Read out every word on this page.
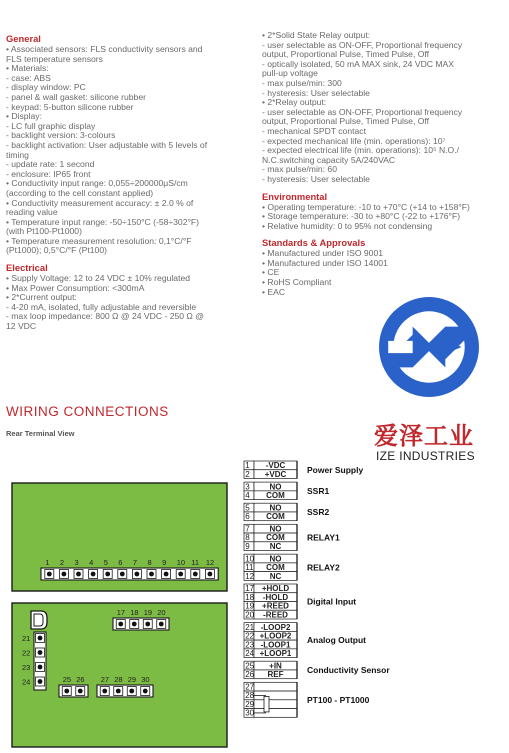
General
• Associated sensors: FLS conductivity sensors and
FLS temperature sensors
• Materials:
- case: ABS
- display window: PC
- panel & wall gasket: silicone rubber
- keypad: 5-button silicone rubber
• Display:
- LC full graphic display
- backlight version: 3-colours
- backlight activation: User adjustable with 5 levels of
timing
- update rate: 1 second
- enclosure: IP65 front
• Conductivity input range: 0,055÷200000μS/cm
(according to the cell constant applied)
• Conductivity measurement accuracy: ± 2.0 % of
reading value
• Temperature input range: -50÷150°C (-58÷302°F)
(with Pt100-Pt1000)
• Temperature measurement resolution: 0,1°C/°F
(Pt1000); 0,5°C/°F (Pt100)
Electrical
• Supply Voltage: 12 to 24 VDC ± 10% regulated
• Max Power Consumption: <300mA
• 2*Current output:
- 4-20 mA, isolated, fully adjustable and reversible
- max loop impedance: 800 Ω @ 24 VDC - 250 Ω @
12 VDC
• 2*Solid State Relay output:
- user selectable as ON-OFF, Proportional frequency
output, Proportional Pulse, Timed Pulse, Off
- optically isolated, 50 mA MAX sink, 24 VDC MAX
pull-up voltage
- max pulse/min: 300
- hysteresis: User selectable
• 2*Relay output:
- user selectable as ON-OFF, Proportional frequency
output, Proportional Pulse, Timed Pulse, Off
- mechanical SPDT contact
- expected mechanical life (min. operations): 10⁷
- expected electrical life (min. operations): 10⁵ N.O./
N.C.switching capacity 5A/240VAC
- max pulse/min: 60
- hysteresis: User selectable
Environmental
• Operating temperature: -10 to +70°C (+14 to +158°F)
• Storage temperature: -30 to +80°C (-22 to +176°F)
• Relative humidity: 0 to 95% not condensing
Standards & Approvals
• Manufactured under ISO 9001
• Manufactured under ISO 14001
• CE
• RoHS Compliant
• EAC
WIRING CONNECTIONS
Rear Terminal View	爱泽工业
IZE INDUSTRIES
1 2 3 4 5 6 7 8 9 10 11 12
17 18 19 20
25 26 27 28 29 30
21
22
23
24
1 -VDC
2 +VDC
3 NO
4 COM
5 NO
6 COM
7 NO
8 COM
9	NC
10 NO
11 COM
12 NC
17 +HOLD
18 -HOLD
19 +REED
20 -REED
21 -LOOP2
22 +LOOP2
23 -LOOP1
24 +LOOP1
25 +IN
26 REF
27
28
29
30
Power Supply
SSR1
SSR2
RELAY1
RELAY2
Digital Input
Analog Output
Conductivity Sensor
PT100 - PT1000
